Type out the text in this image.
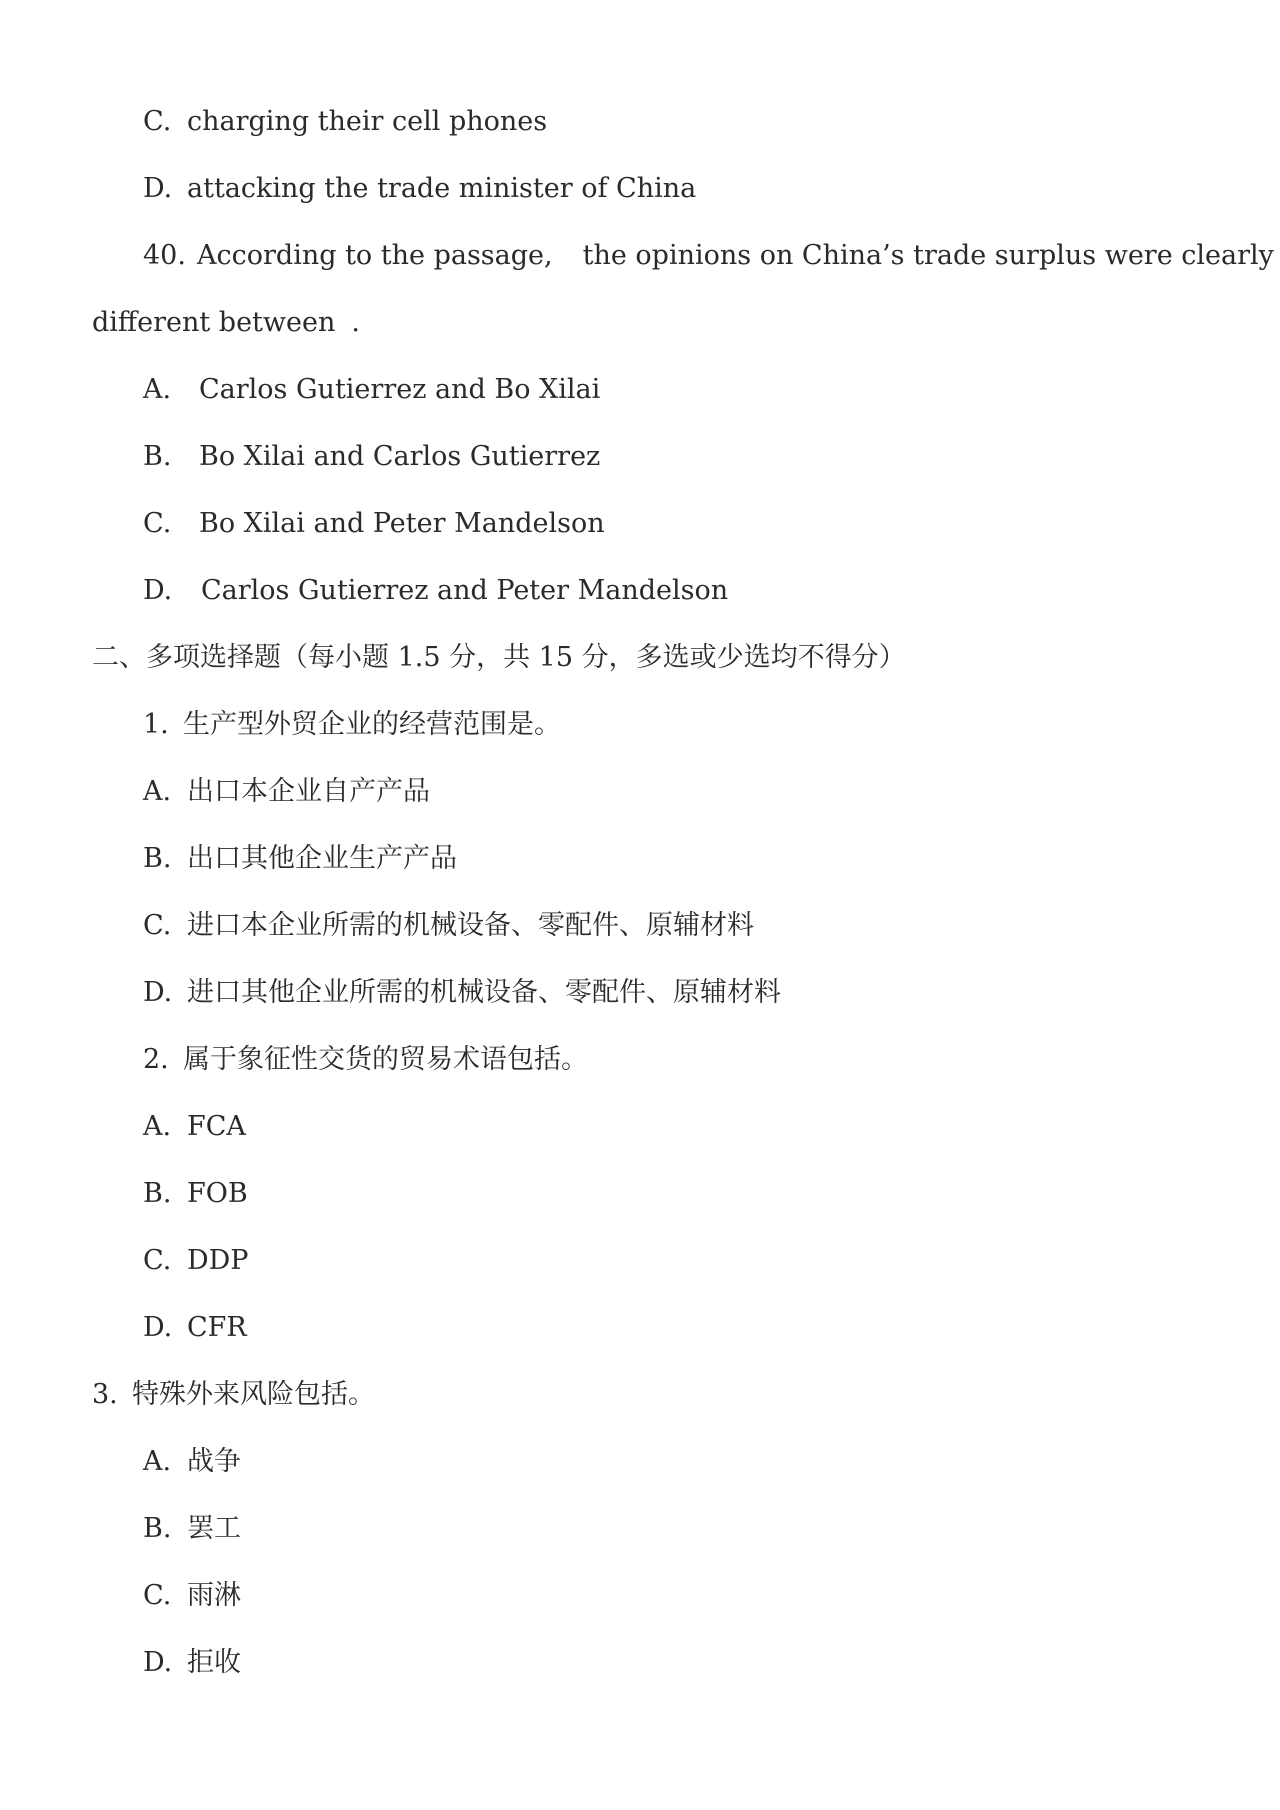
C. charging their cell phones
D. attacking the trade minister of China
40. According to the passage, the opinions on China’s trade surplus were clearly
different between .
A. Carlos Gutierrez and Bo Xilai
B. Bo Xilai and Carlos Gutierrez
C. Bo Xilai and Peter Mandelson
D. Carlos Gutierrez and Peter Mandelson
二、多项选择题（每小题 1.5 分，共 15 分，多选或少选均不得分）
1. 生产型外贸企业的经营范围是。
A. 出口本企业自产产品
B. 出口其他企业生产产品
C. 进口本企业所需的机械设备、零配件、原辅材料
D. 进口其他企业所需的机械设备、零配件、原辅材料
2. 属于象征性交货的贸易术语包括。
A. FCA
B. FOB
C. DDP
D. CFR
3. 特殊外来风险包括。
A. 战争
B. 罢工
C. 雨淋
D. 拒收
